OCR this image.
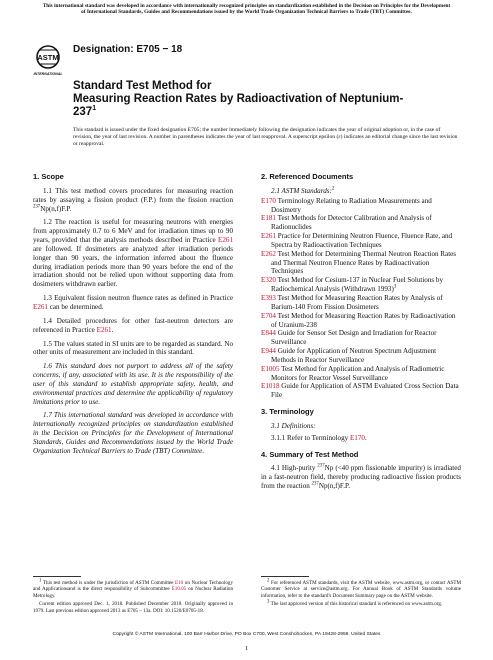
This international standard was developed in accordance with internationally recognized principles on standardization established in the Decision on Principles for the Development of International Standards, Guides and Recommendations issued by the World Trade Organization Technical Barriers to Trade (TBT) Committee.
ASTM
INTERNATIONAL
Designation: E705 − 18
Standard Test Method for
Measuring Reaction Rates by Radioactivation of Neptunium-
$237^1$
This standard is issued under the fixed designation E705; the number immediately following the designation indicates the year of original adoption or, in the case of revision, the year of last revision. A number in parentheses indicates the year of last reapproval. A superscript epsilon (ε) indicates an editorial change since the last revision or reapproval.
1. Scope

1.1 This test method covers procedures for measuring reaction rates by assaying a fission product (F.P.) from the fission reaction $^{237}$Np(n,f)F.P.

1.2 The reaction is useful for measuring neutrons with energies from approximately 0.7 to 6 MeV and for irradiation times up to 90 years, provided that the analysis methods described in Practice E261 are followed. If dosimeters are analyzed after irradiation periods longer than 90 years, the information inferred about the fluence during irradiation periods more than 90 years before the end of the irradiation should not be relied upon without supporting data from dosimeters withdrawn earlier.

1.3 Equivalent fission neutron fluence rates as defined in Practice E261 can be determined.

1.4 Detailed procedures for other fast-neutron detectors are referenced in Practice E261.

1.5 The values stated in SI units are to be regarded as standard. No other units of measurement are included in this standard.

1.6 This standard does not purport to address all of the safety concerns, if any, associated with its use. It is the responsibility of the user of this standard to establish appropriate safety, health, and environmental practices and determine the applicability of regulatory limitations prior to use.

1.7 This international standard was developed in accordance with internationally recognized principles on standardization established in the Decision on Principles for the Development of International Standards, Guides and Recommendations issued by the World Trade Organization Technical Barriers to Trade (TBT) Committee.

2. Referenced Documents

2.1 ASTM Standards:$^2$

E170 Terminology Relating to Radiation Measurements and Dosimetry

E181 Test Methods for Detector Calibration and Analysis of Radionuclides

E261 Practice for Determining Neutron Fluence, Fluence Rate, and Spectra by Radioactivation Techniques

E262 Test Method for Determining Thermal Neutron Reaction Rates and Thermal Neutron Fluence Rates by Radioactivation Techniques

E320 Test Method for Cesium-137 in Nuclear Fuel Solutions by Radiochemical Analysis (Withdrawn 1993)$^3$

E393 Test Method for Measuring Reaction Rates by Analysis of Barium-140 From Fission Dosimeters

E704 Test Method for Measuring Reaction Rates by Radioactivation of Uranium-238

E844 Guide for Sensor Set Design and Irradiation for Reactor Surveillance

E944 Guide for Application of Neutron Spectrum Adjustment Methods in Reactor Surveillance

E1005 Test Method for Application and Analysis of Radiometric Monitors for Reactor Vessel Surveillance

E1018 Guide for Application of ASTM Evaluated Cross Section Data File

3. Terminology

3.1 Definitions:

3.1.1 Refer to Terminology E170.

4. Summary of Test Method

4.1 High-purity $^{237}$Np (<40 ppm fissionable impurity) is irradiated in a fast-neutron field, thereby producing radioactive fission products from the reaction $^{237}$Np(n,f)F.P.

$^1$ This test method is under the jurisdiction of ASTM Committee E10 on Nuclear Technology and Applicationsand is the direct responsibility of Subcommittee E10.05 on Nuclear Radiation Metrology.

Current edition approved Dec. 1, 2018. Published December 2018. Originally approved in 1979. Last previous edition approved 2013 as E705 – 13a. DOI: 10.1520/E0705-18.

$^2$ For referenced ASTM standards, visit the ASTM website, www.astm.org, or contact ASTM Customer Service at service@astm.org. For Annual Book of ASTM Standards volume information, refer to the standard's Document Summary page on the ASTM website.

$^3$ The last approved version of this historical standard is referenced on www.astm.org.

Copyright © ASTM International, 100 Barr Harbor Drive, PO Box C700, West Conshohocken, PA 19428-2959. United States
1
